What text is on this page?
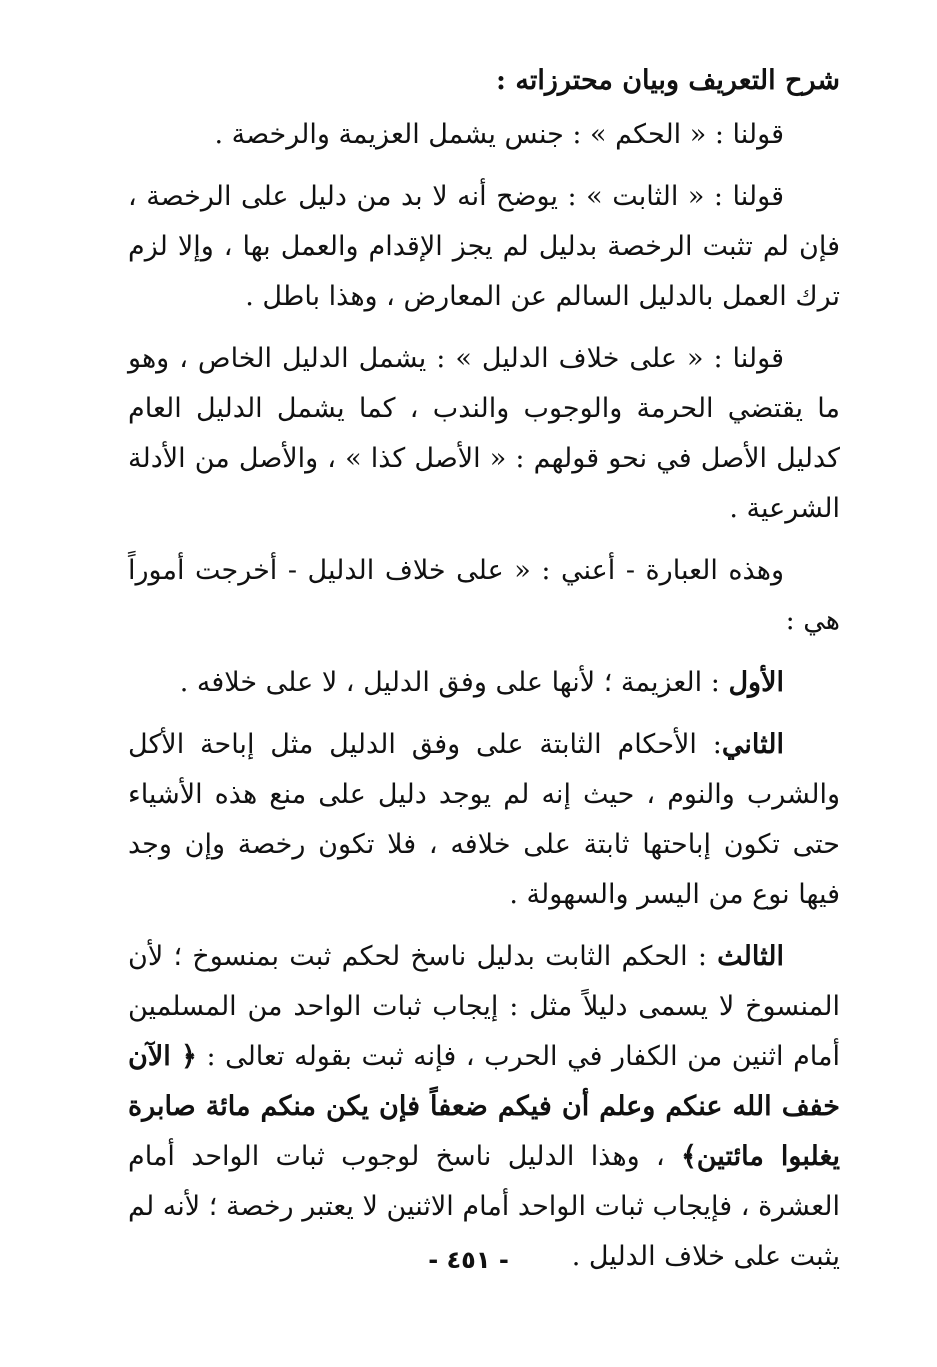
شرح التعريف وبيان محترزاته :

قولنا : « الحكم » : جنس يشمل العزيمة والرخصة .

قولنا : « الثابت » : يوضح أنه لا بد من دليل على الرخصة ، فإن لم تثبت الرخصة بدليل لم يجز الإقدام والعمل بها ، وإلا لزم ترك العمل بالدليل السالم عن المعارض ، وهذا باطل .

قولنا : « على خلاف الدليل » : يشمل الدليل الخاص ، وهو ما يقتضي الحرمة والوجوب والندب ، كما يشمل الدليل العام كدليل الأصل في نحو قولهم : « الأصل كذا » ، والأصل من الأدلة الشرعية .

وهذه العبارة - أعني : « على خلاف الدليل - أخرجت أموراً هي :

الأول : العزيمة ؛ لأنها على وفق الدليل ، لا على خلافه .

الثاني: الأحكام الثابتة على وفق الدليل مثل إباحة الأكل والشرب والنوم ، حيث إنه لم يوجد دليل على منع هذه الأشياء حتى تكون إباحتها ثابتة على خلافه ، فلا تكون رخصة وإن وجد فيها نوع من اليسر والسهولة .

الثالث : الحكم الثابت بدليل ناسخ لحكم ثبت بمنسوخ ؛ لأن المنسوخ لا يسمى دليلاً مثل : إيجاب ثبات الواحد من المسلمين أمام اثنين من الكفار في الحرب ، فإنه ثبت بقوله تعالى : ﴿ الآن خفف الله عنكم وعلم أن فيكم ضعفاً فإن يكن منكم مائة صابرة يغلبوا مائتين﴾ ، وهذا الدليل ناسخ لوجوب ثبات الواحد أمام العشرة ، فإيجاب ثبات الواحد أمام الاثنين لا يعتبر رخصة ؛ لأنه لم يثبت على خلاف الدليل .

- ٤٥١ -
